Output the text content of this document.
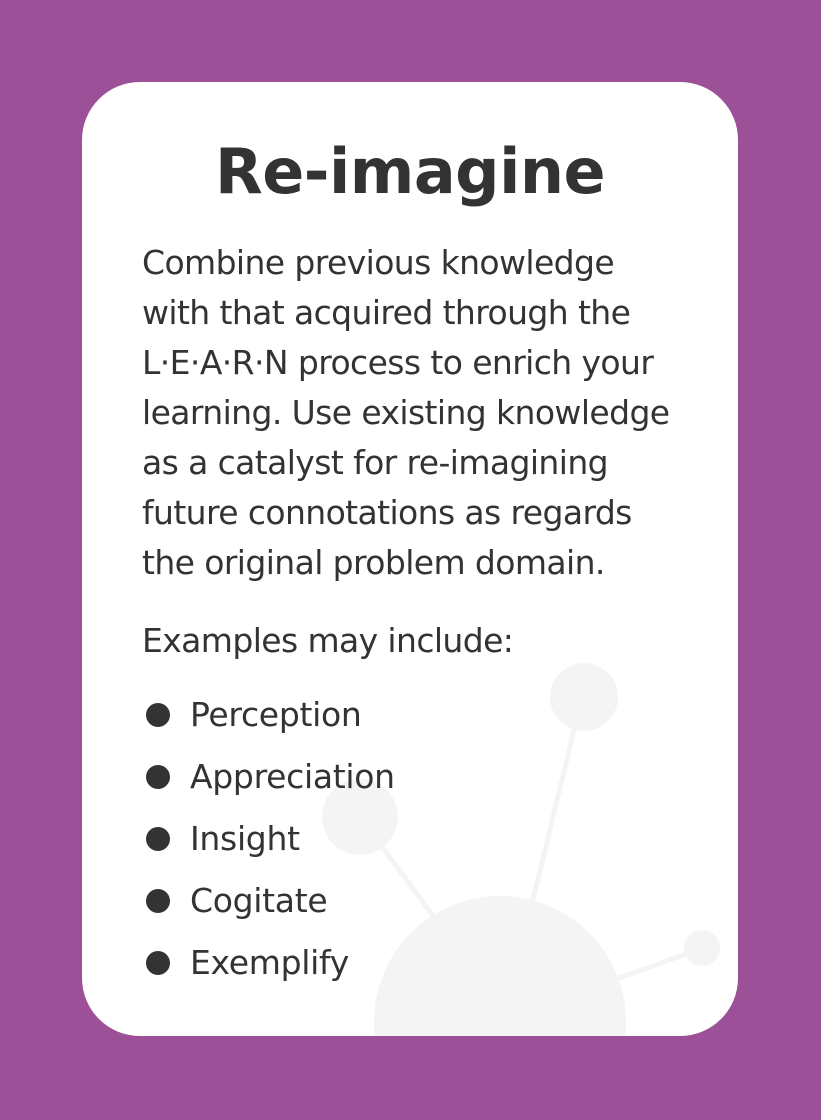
Re-imagine

Combine previous knowledge
with that acquired through the
L·E·A·R·N process to enrich your
learning. Use existing knowledge
as a catalyst for re-imagining
future connotations as regards
the original problem domain.

Examples may include:

Perception
Appreciation
Insight
Cogitate
Exemplify
